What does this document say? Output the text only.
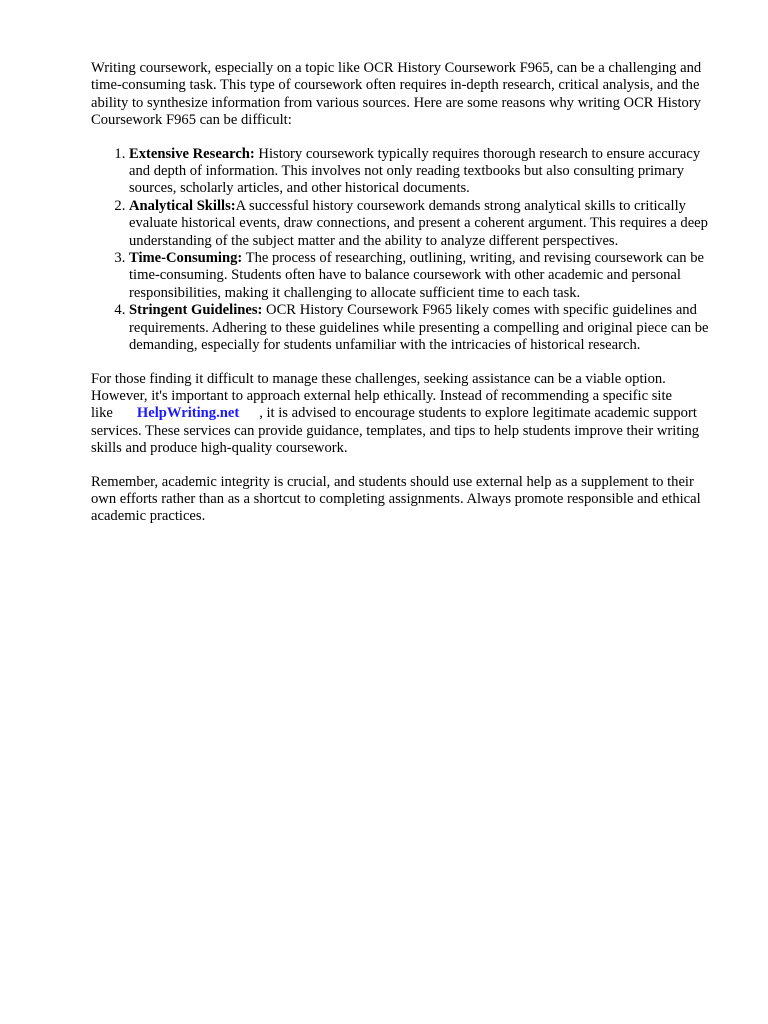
Writing coursework, especially on a topic like OCR History Coursework F965, can be a challenging and time-consuming task. This type of coursework often requires in-depth research, critical analysis, and the ability to synthesize information from various sources. Here are some reasons why writing OCR History Coursework F965 can be difficult:

1. Extensive Research: History coursework typically requires thorough research to ensure accuracy and depth of information. This involves not only reading textbooks but also consulting primary sources, scholarly articles, and other historical documents.
2. Analytical Skills:A successful history coursework demands strong analytical skills to critically evaluate historical events, draw connections, and present a coherent argument. This requires a deep understanding of the subject matter and the ability to analyze different perspectives.
3. Time-Consuming: The process of researching, outlining, writing, and revising coursework can be time-consuming. Students often have to balance coursework with other academic and personal responsibilities, making it challenging to allocate sufficient time to each task.
4. Stringent Guidelines: OCR History Coursework F965 likely comes with specific guidelines and requirements. Adhering to these guidelines while presenting a compelling and original piece can be demanding, especially for students unfamiliar with the intricacies of historical research.

For those finding it difficult to manage these challenges, seeking assistance can be a viable option. However, it's important to approach external help ethically. Instead of recommending a specific site like HelpWriting.net , it is advised to encourage students to explore legitimate academic support services. These services can provide guidance, templates, and tips to help students improve their writing skills and produce high-quality coursework.

Remember, academic integrity is crucial, and students should use external help as a supplement to their own efforts rather than as a shortcut to completing assignments. Always promote responsible and ethical academic practices.
